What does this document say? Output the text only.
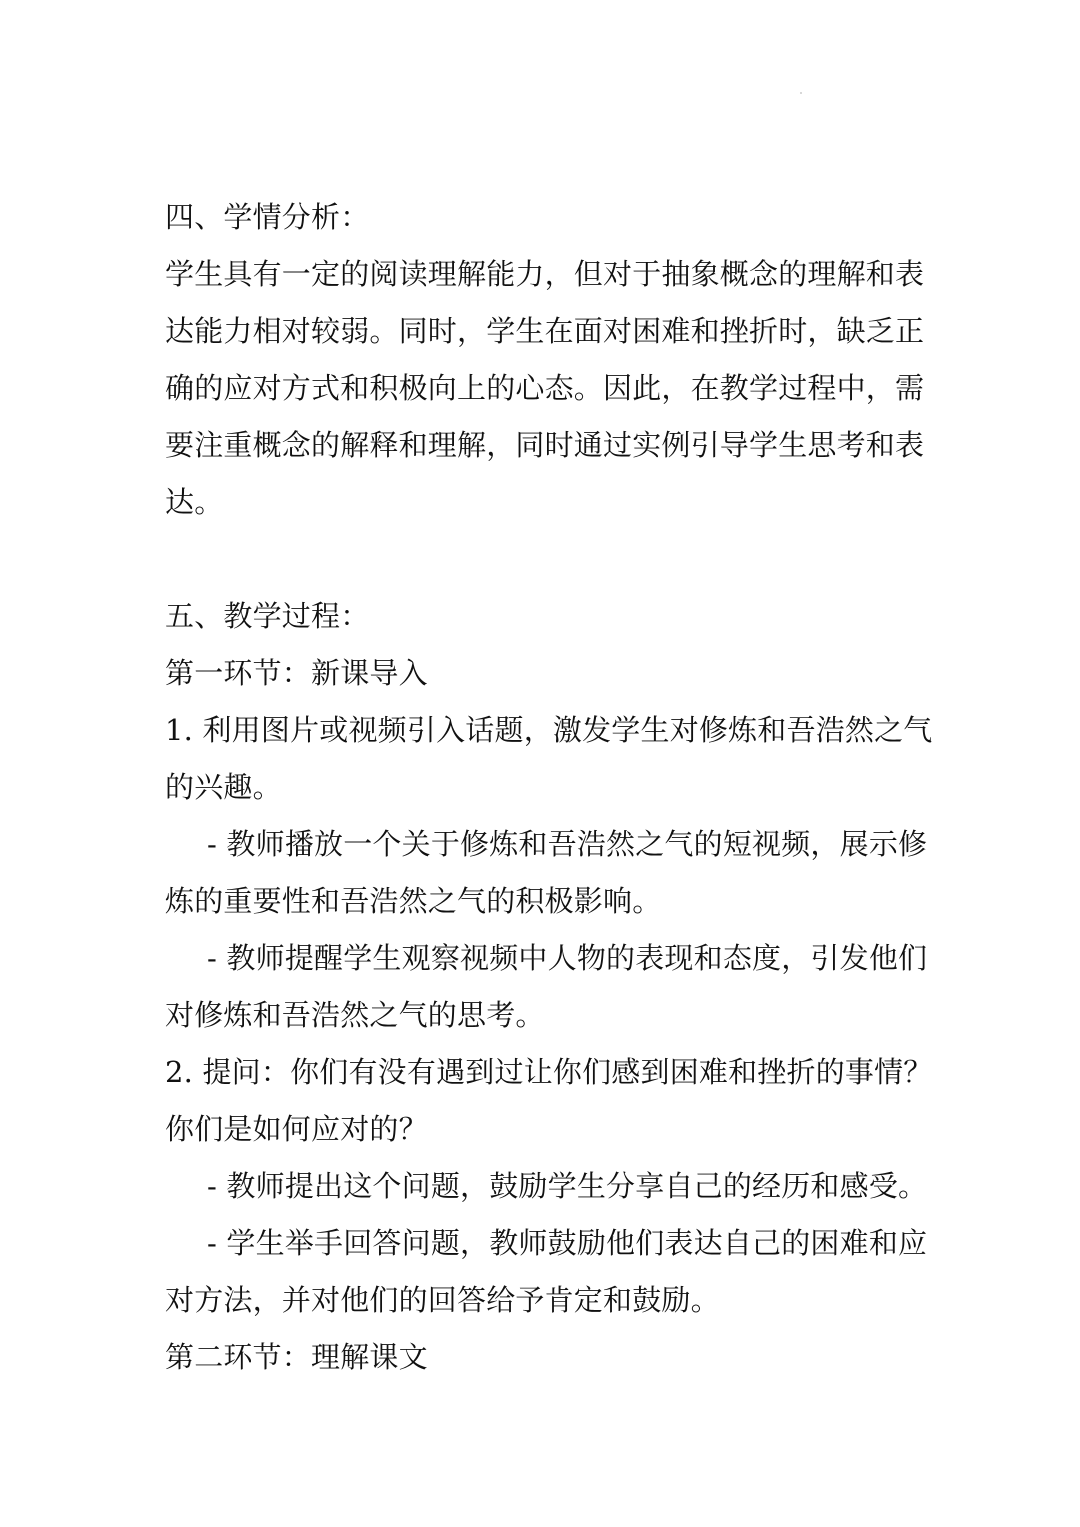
四、学情分析：
学生具有一定的阅读理解能力，但对于抽象概念的理解和表
达能力相对较弱。同时，学生在面对困难和挫折时，缺乏正
确的应对方式和积极向上的心态。因此，在教学过程中，需
要注重概念的解释和理解，同时通过实例引导学生思考和表
达。
五、教学过程：
第一环节：新课导入
1. 利用图片或视频引入话题，激发学生对修炼和吾浩然之气
的兴趣。
- 教师播放一个关于修炼和吾浩然之气的短视频，展示修
炼的重要性和吾浩然之气的积极影响。
- 教师提醒学生观察视频中人物的表现和态度，引发他们
对修炼和吾浩然之气的思考。
2. 提问：你们有没有遇到过让你们感到困难和挫折的事情？
你们是如何应对的？
- 教师提出这个问题，鼓励学生分享自己的经历和感受。
- 学生举手回答问题，教师鼓励他们表达自己的困难和应
对方法，并对他们的回答给予肯定和鼓励。
第二环节：理解课文
